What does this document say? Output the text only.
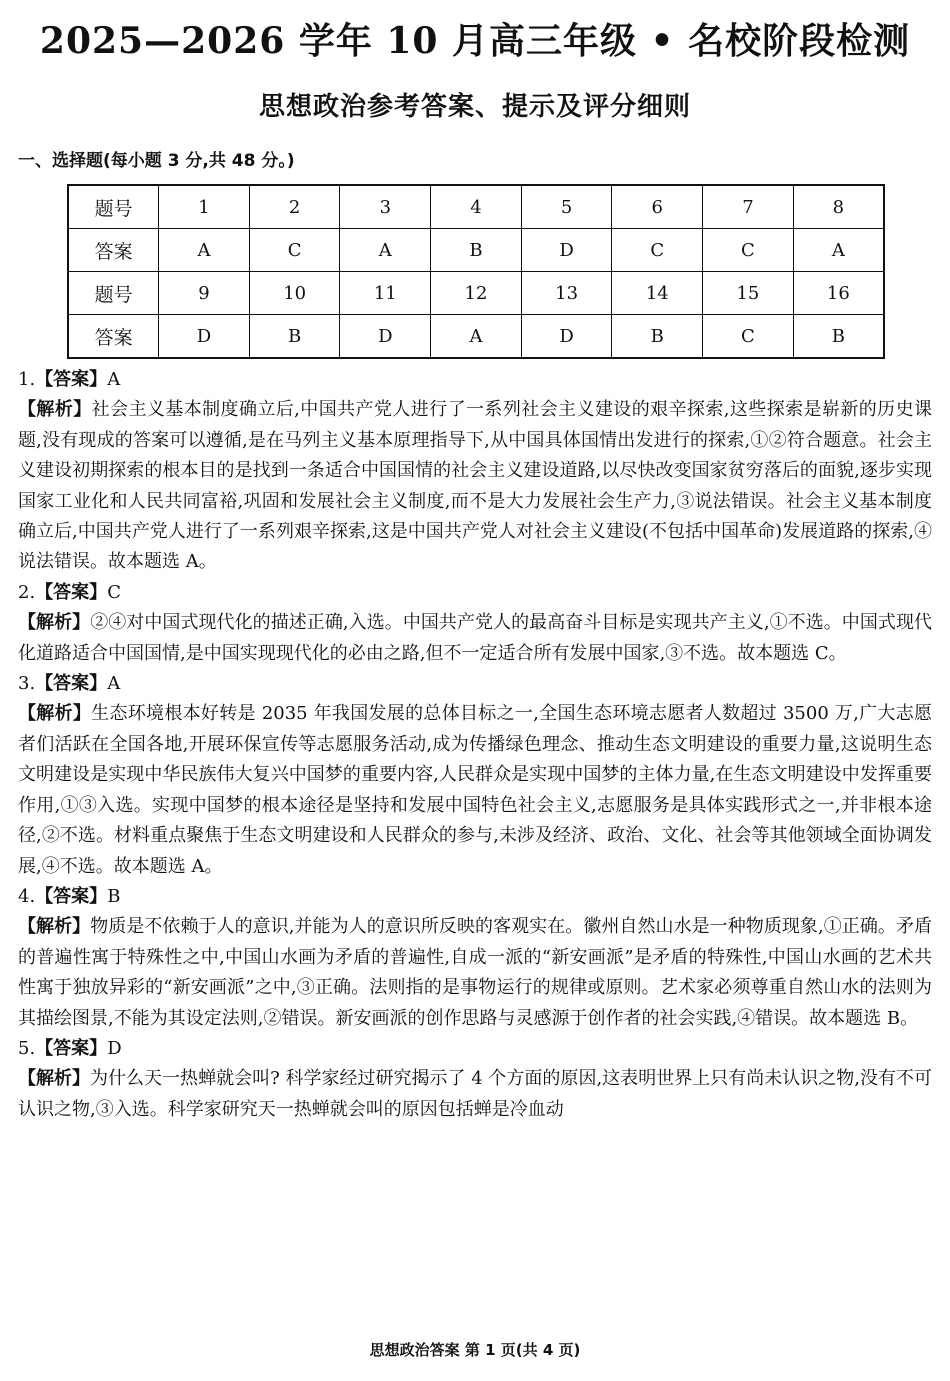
2025—2026 学年 10 月高三年级 • 名校阶段检测
思想政治参考答案、提示及评分细则
一、选择题(每小题 3 分,共 48 分。)
题号	1	2	3	4	5	6	7	8
答案	A	C	A	B	D	C	C	A
题号	9	10	11	12	13	14	15	16
答案	D	B	D	A	D	B	C	B

1.【答案】A

【解析】社会主义基本制度确立后,中国共产党人进行了一系列社会主义建设的艰辛探索,这些探索是崭新的历史课题,没有现成的答案可以遵循,是在马列主义基本原理指导下,从中国具体国情出发进行的探索,①②符合题意。社会主义建设初期探索的根本目的是找到一条适合中国国情的社会主义建设道路,以尽快改变国家贫穷落后的面貌,逐步实现国家工业化和人民共同富裕,巩固和发展社会主义制度,而不是大力发展社会生产力,③说法错误。社会主义基本制度确立后,中国共产党人进行了一系列艰辛探索,这是中国共产党人对社会主义建设(不包括中国革命)发展道路的探索,④说法错误。故本题选 A。

2.【答案】C

【解析】②④对中国式现代化的描述正确,入选。中国共产党人的最高奋斗目标是实现共产主义,①不选。中国式现代化道路适合中国国情,是中国实现现代化的必由之路,但不一定适合所有发展中国家,③不选。故本题选 C。

3.【答案】A

【解析】生态环境根本好转是 2035 年我国发展的总体目标之一,全国生态环境志愿者人数超过 3500 万,广大志愿者们活跃在全国各地,开展环保宣传等志愿服务活动,成为传播绿色理念、推动生态文明建设的重要力量,这说明生态文明建设是实现中华民族伟大复兴中国梦的重要内容,人民群众是实现中国梦的主体力量,在生态文明建设中发挥重要作用,①③入选。实现中国梦的根本途径是坚持和发展中国特色社会主义,志愿服务是具体实践形式之一,并非根本途径,②不选。材料重点聚焦于生态文明建设和人民群众的参与,未涉及经济、政治、文化、社会等其他领域全面协调发展,④不选。故本题选 A。

4.【答案】B

【解析】物质是不依赖于人的意识,并能为人的意识所反映的客观实在。徽州自然山水是一种物质现象,①正确。矛盾的普遍性寓于特殊性之中,中国山水画为矛盾的普遍性,自成一派的“新安画派”是矛盾的特殊性,中国山水画的艺术共性寓于独放异彩的“新安画派”之中,③正确。法则指的是事物运行的规律或原则。艺术家必须尊重自然山水的法则为其描绘图景,不能为其设定法则,②错误。新安画派的创作思路与灵感源于创作者的社会实践,④错误。故本题选 B。

5.【答案】D

【解析】为什么天一热蝉就会叫? 科学家经过研究揭示了 4 个方面的原因,这表明世界上只有尚未认识之物,没有不可认识之物,③入选。科学家研究天一热蝉就会叫的原因包括蝉是冷血动

思想政治答案 第 1 页(共 4 页)
